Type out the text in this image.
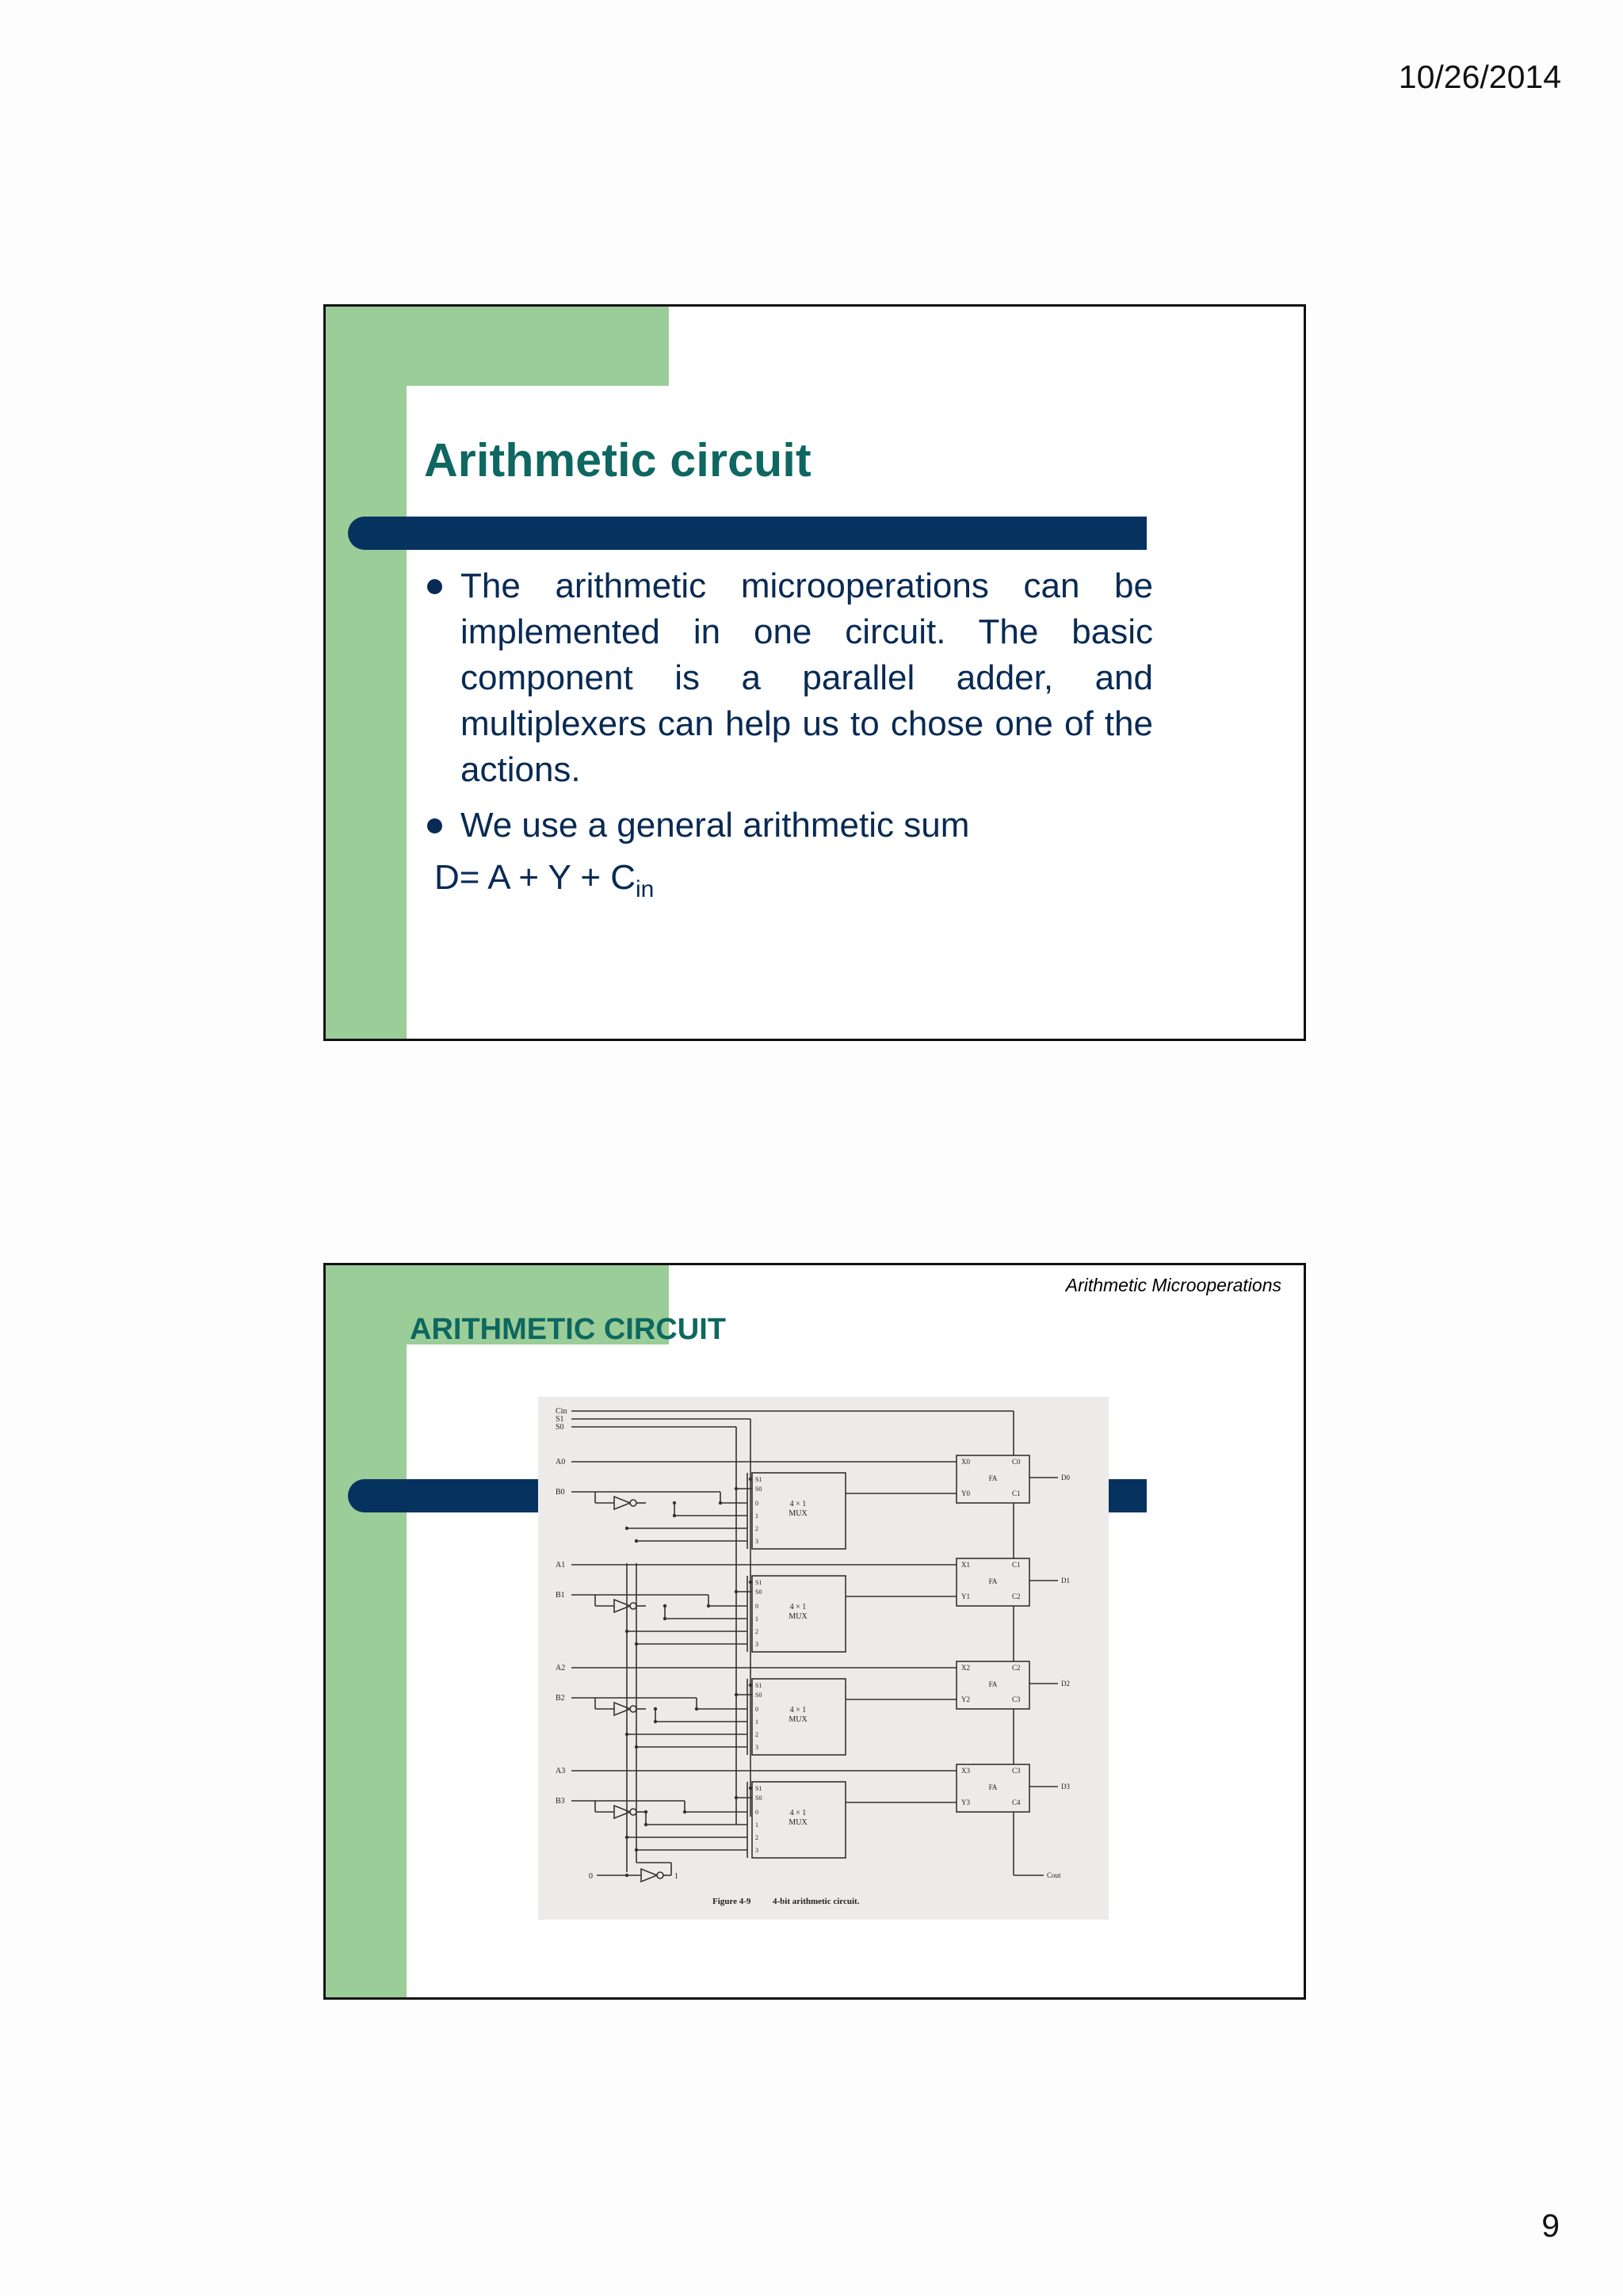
10/26/2014
Arithmetic circuit
The arithmetic microoperations can be implemented in one circuit. The basic component is a parallel adder, and multiplexers can help us to chose one of the actions.
We use a general arithmetic sum
$D= A + Y + C_{in}$
Arithmetic Microoperations
ARITHMETIC CIRCUIT
Cin
S1
S0
A0
B0
S1
S0
0
1
2
3
4 × 1
MUX
X0
Y0
C0
C1
FA	D0
A1
B1
S1
S0
0
1
2
3
4 × 1
MUX
X1
Y1
C1
C2
FA	D1
A2
B2
S1
S0
0
1
2
3
4 × 1
MUX
X2
Y2
C2
C3
FA	D2
A3
B3
S1
S0
0
1
2
3
4 × 1
MUX
X3
Y3
C3
C4
FA	D3
0	1	Cout
Figure 4-9	4-bit arithmetic circuit.
9
